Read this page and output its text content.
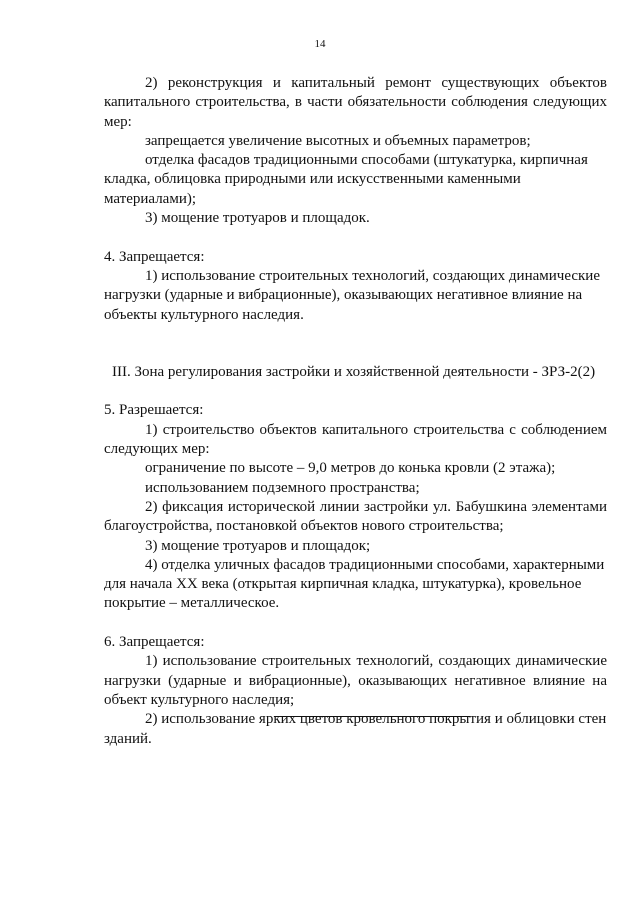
14

2) реконструкция и капитальный ремонт существующих объектов капитального строительства, в части обязательности соблюдения следующих мер:

запрещается увеличение высотных и объемных параметров;

отделка фасадов традиционными способами (штукатурка, кирпичная кладка, облицовка природными или искусственными каменными материалами);

3) мощение тротуаров и площадок.

4. Запрещается:

1) использование строительных технологий, создающих динамические нагрузки (ударные и вибрационные), оказывающих негативное влияние на объекты культурного наследия.

III. Зона регулирования застройки и хозяйственной деятельности - ЗРЗ-2(2)

5. Разрешается:

1) строительство объектов капитального строительства с соблюдением следующих мер:

ограничение по высоте – 9,0 метров до конька кровли (2 этажа);

использованием подземного пространства;

2) фиксация исторической линии застройки ул. Бабушкина элементами благоустройства, постановкой объектов нового строительства;

3) мощение тротуаров и площадок;

4) отделка уличных фасадов традиционными способами, характерными для начала XX века (открытая кирпичная кладка, штукатурка), кровельное покрытие – металлическое.

6. Запрещается:

1) использование строительных технологий, создающих динамические нагрузки (ударные и вибрационные), оказывающих негативное влияние на объект культурного наследия;

2) использование ярких цветов кровельного покрытия и облицовки стен зданий.
